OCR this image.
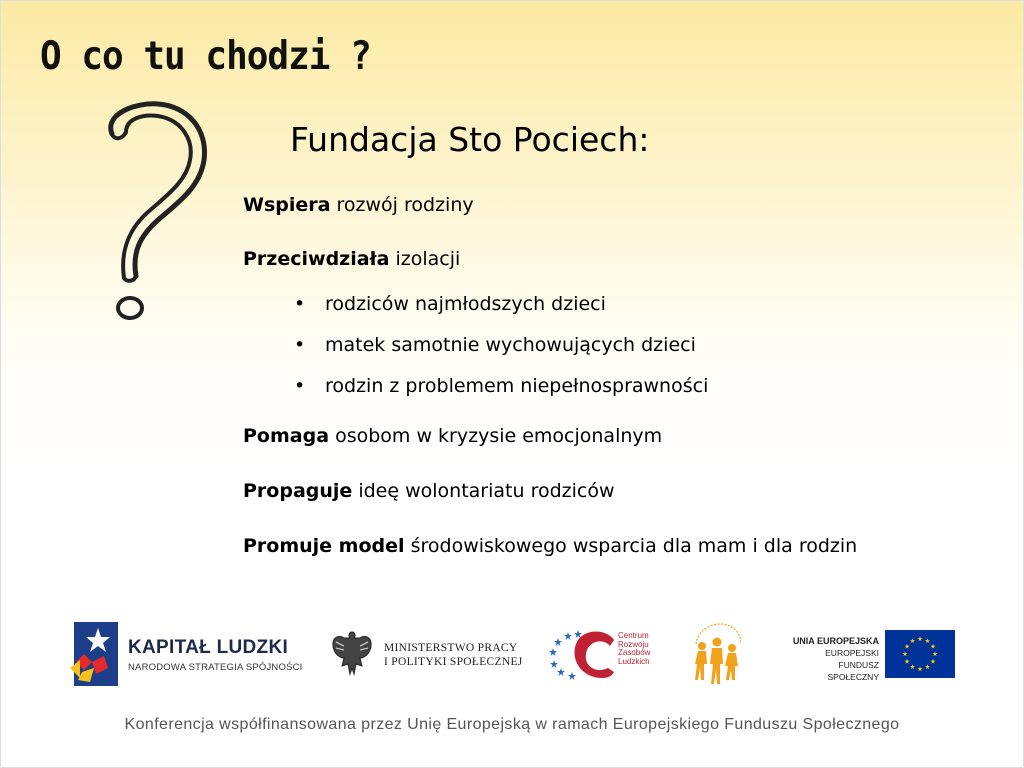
O co tu chodzi ?
Fundacja Sto Pociech:
Wspiera rozwój rodziny
Przeciwdziała izolacji
• rodziców najmłodszych dzieci
• matek samotnie wychowujących dzieci
• rodzin z problemem niepełnosprawności
Pomaga osobom w kryzysie emocjonalnym
Propaguje ideę wolontariatu rodziców
Promuje model środowiskowego wsparcia dla mam i dla rodzin
KAPITAŁ LUDZKI
NARODOWA STRATEGIA SPÓJNOŚCI
MINISTERSTWO PRACY
I POLITYKI SPOŁECZNEJ
Centrum
Rozwoju
Zasobów
Ludzkich
UNIA EUROPEJSKA
EUROPEJSKI
FUNDUSZ SPOŁECZNY
Konferencja współfinansowana przez Unię Europejską w ramach Europejskiego Funduszu Społecznego
